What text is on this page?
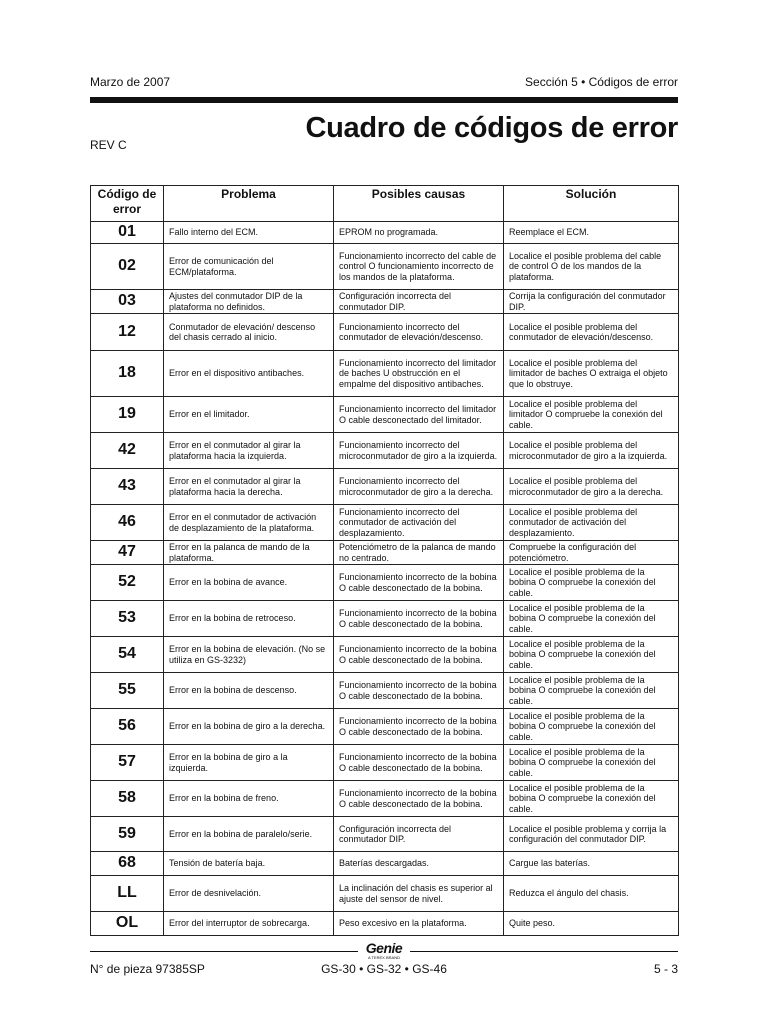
Marzo de 2007	Sección 5 • Códigos de error
REV C
Cuadro de códigos de error
Código de error	Problema	Posibles causas	Solución
01	Fallo interno del ECM.	EPROM no programada.	Reemplace el ECM.
02	Error de comunicación del ECM/plataforma.	Funcionamiento incorrecto del cable de control O funcionamiento incorrecto de los mandos de la plataforma.	Localice el posible problema del cable de control O de los mandos de la plataforma.
03	Ajustes del conmutador DIP de la plataforma no definidos.	Configuración incorrecta del conmutador DIP.	Corrija la configuración del conmutador DIP.
12	Conmutador de elevación/ descenso del chasis cerrado al inicio.	Funcionamiento incorrecto del conmutador de elevación/descenso.	Localice el posible problema del conmutador de elevación/descenso.
18	Error en el dispositivo antibaches.	Funcionamiento incorrecto del limitador de baches U obstrucción en el empalme del dispositivo antibaches.	Localice el posible problema del limitador de baches O extraiga el objeto que lo obstruye.
19	Error en el limitador.	Funcionamiento incorrecto del limitador O cable desconectado del limitador.	Localice el posible problema del limitador O compruebe la conexión del cable.
42	Error en el conmutador al girar la plataforma hacia la izquierda.	Funcionamiento incorrecto del microconmutador de giro a la izquierda.	Localice el posible problema del microconmutador de giro a la izquierda.
43	Error en el conmutador al girar la plataforma hacia la derecha.	Funcionamiento incorrecto del microconmutador de giro a la derecha.	Localice el posible problema del microconmutador de giro a la derecha.
46	Error en el conmutador de activación de desplazamiento de la plataforma.	Funcionamiento incorrecto del conmutador de activación del desplazamiento.	Localice el posible problema del conmutador de activación del desplazamiento.
47	Error en la palanca de mando de la plataforma.	Potenciómetro de la palanca de mando no centrado.	Compruebe la configuración del potenciómetro.
52	Error en la bobina de avance.	Funcionamiento incorrecto de la bobina O cable desconectado de la bobina.	Localice el posible problema de la bobina O compruebe la conexión del cable.
53	Error en la bobina de retroceso.	Funcionamiento incorrecto de la bobina O cable desconectado de la bobina.	Localice el posible problema de la bobina O compruebe la conexión del cable.
54	Error en la bobina de elevación. (No se utiliza en GS-3232)	Funcionamiento incorrecto de la bobina O cable desconectado de la bobina.	Localice el posible problema de la bobina O compruebe la conexión del cable.
55	Error en la bobina de descenso.	Funcionamiento incorrecto de la bobina O cable desconectado de la bobina.	Localice el posible problema de la bobina O compruebe la conexión del cable.
56	Error en la bobina de giro a la derecha.	Funcionamiento incorrecto de la bobina O cable desconectado de la bobina.	Localice el posible problema de la bobina O compruebe la conexión del cable.
57	Error en la bobina de giro a la izquierda.	Funcionamiento incorrecto de la bobina O cable desconectado de la bobina.	Localice el posible problema de la bobina O compruebe la conexión del cable.
58	Error en la bobina de freno.	Funcionamiento incorrecto de la bobina O cable desconectado de la bobina.	Localice el posible problema de la bobina O compruebe la conexión del cable.
59	Error en la bobina de paralelo/serie.	Configuración incorrecta del conmutador DIP.	Localice el posible problema y corrija la configuración del conmutador DIP.
68	Tensión de batería baja.	Baterías descargadas.	Cargue las baterías.
LL	Error de desnivelación.	La inclinación del chasis es superior al ajuste del sensor de nivel.	Reduzca el ángulo del chasis.
OL	Error del interruptor de sobrecarga.	Peso excesivo en la plataforma.	Quite peso.
Genie
A TEREX BRAND
N° de pieza 97385SP	GS-30 • GS-32 • GS-46	5 - 3
